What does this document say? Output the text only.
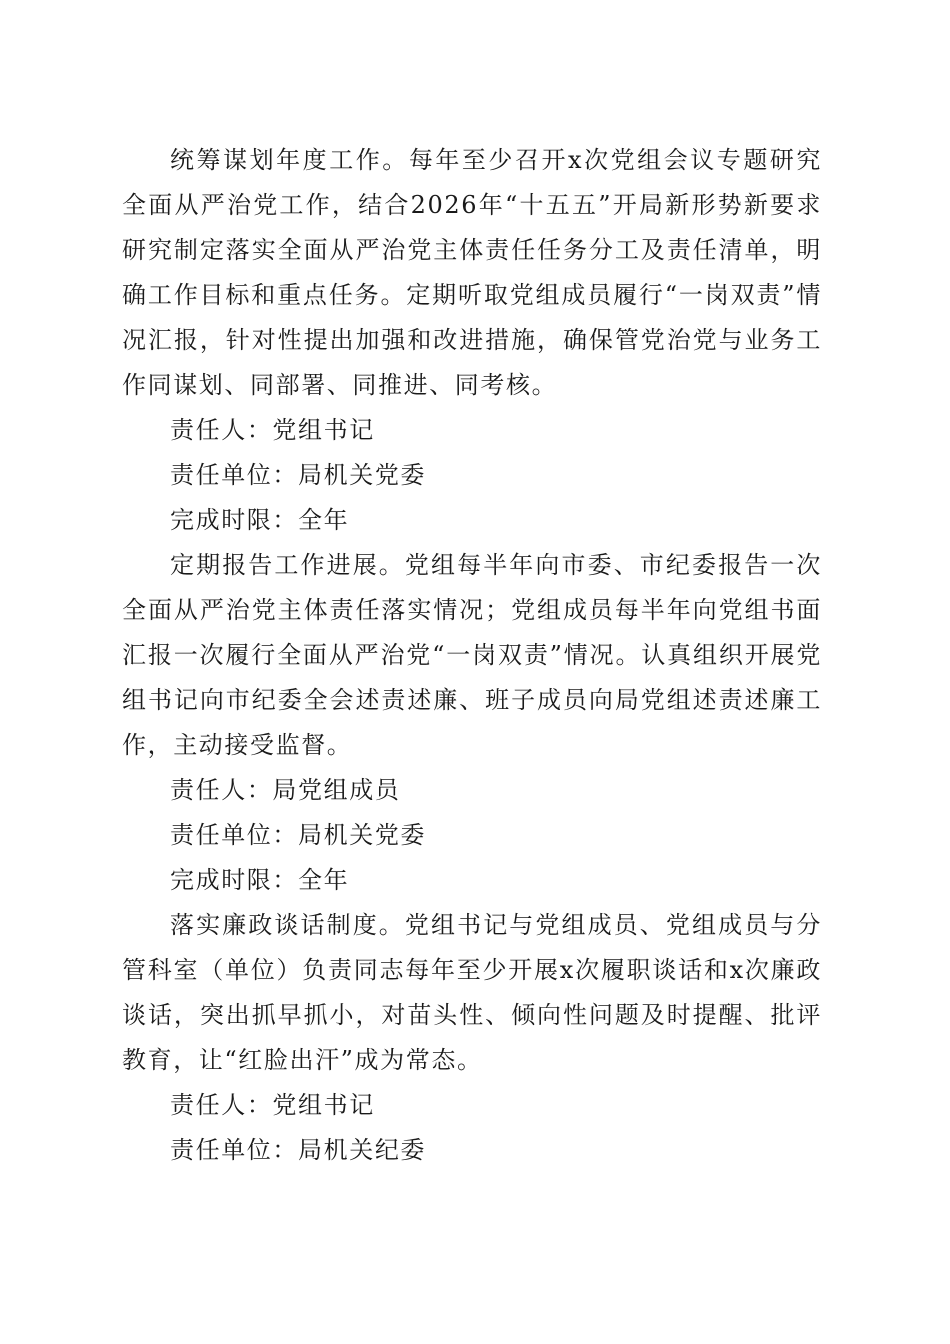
统筹谋划年度工作。每年至少召开x次党组会议专题研究全面从严治党工作，结合2026年“十五五”开局新形势新要求研究制定落实全面从严治党主体责任任务分工及责任清单，明确工作目标和重点任务。定期听取党组成员履行“一岗双责”情况汇报，针对性提出加强和改进措施，确保管党治党与业务工作同谋划、同部署、同推进、同考核。

责任人：党组书记

责任单位：局机关党委

完成时限：全年

定期报告工作进展。党组每半年向市委、市纪委报告一次全面从严治党主体责任落实情况；党组成员每半年向党组书面汇报一次履行全面从严治党“一岗双责”情况。认真组织开展党组书记向市纪委全会述责述廉、班子成员向局党组述责述廉工作，主动接受监督。

责任人：局党组成员

责任单位：局机关党委

完成时限：全年

落实廉政谈话制度。党组书记与党组成员、党组成员与分管科室（单位）负责同志每年至少开展x次履职谈话和x次廉政谈话，突出抓早抓小，对苗头性、倾向性问题及时提醒、批评教育，让“红脸出汗”成为常态。

责任人：党组书记

责任单位：局机关纪委
